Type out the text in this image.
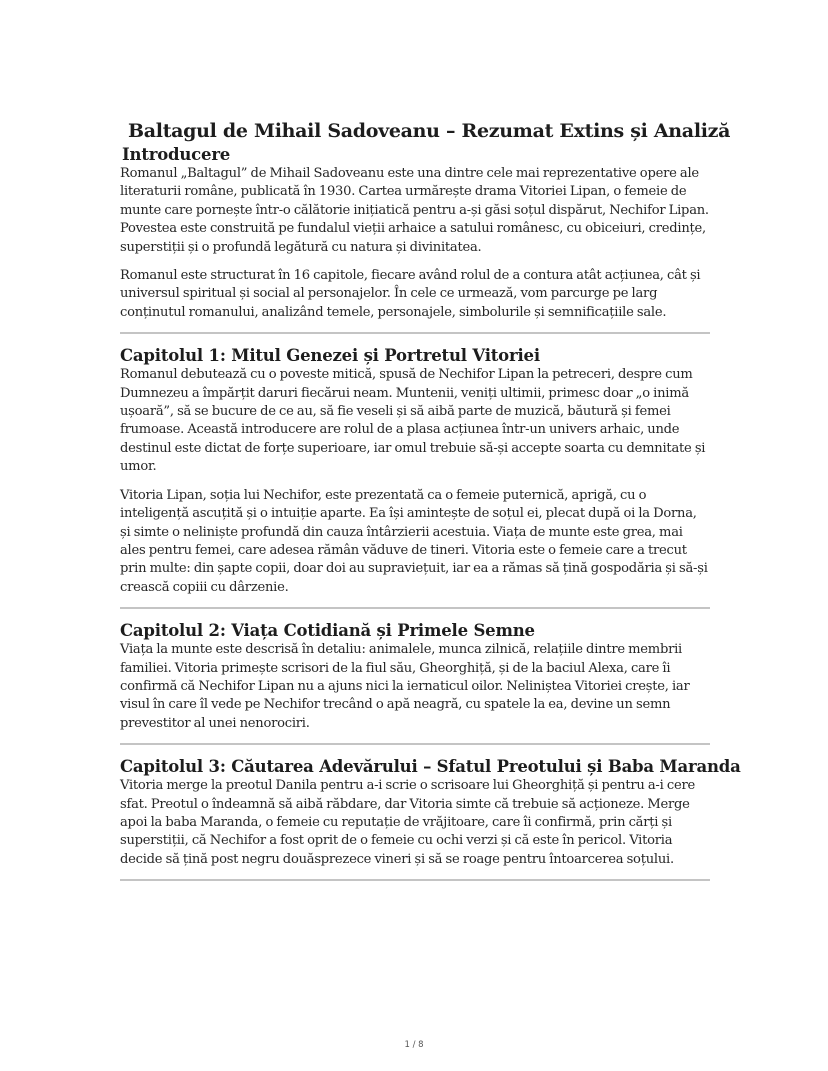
Baltagul de Mihail Sadoveanu – Rezumat Extins și Analiză
Introducere

Romanul „Baltagul” de Mihail Sadoveanu este una dintre cele mai reprezentative opere ale literaturii române, publicată în 1930. Cartea urmărește drama Vitoriei Lipan, o femeie de munte care pornește într-o călătorie inițiatică pentru a-și găsi soțul dispărut, Nechifor Lipan. Povestea este construită pe fundalul vieții arhaice a satului românesc, cu obiceiuri, credințe, superstiții și o profundă legătură cu natura și divinitatea.

Romanul este structurat în 16 capitole, fiecare având rolul de a contura atât acțiunea, cât și universul spiritual și social al personajelor. În cele ce urmează, vom parcurge pe larg conținutul romanului, analizând temele, personajele, simbolurile și semnificațiile sale.

Capitolul 1: Mitul Genezei și Portretul Vitoriei

Romanul debutează cu o poveste mitică, spusă de Nechifor Lipan la petreceri, despre cum Dumnezeu a împărțit daruri fiecărui neam. Muntenii, veniți ultimii, primesc doar „o inimă ușoară”, să se bucure de ce au, să fie veseli și să aibă parte de muzică, băutură și femei frumoase. Această introducere are rolul de a plasa acțiunea într-un univers arhaic, unde destinul este dictat de forțe superioare, iar omul trebuie să-și accepte soarta cu demnitate și umor.

Vitoria Lipan, soția lui Nechifor, este prezentată ca o femeie puternică, aprigă, cu o inteligență ascuțită și o intuiție aparte. Ea își amintește de soțul ei, plecat după oi la Dorna, și simte o neliniște profundă din cauza întârzierii acestuia. Viața de munte este grea, mai ales pentru femei, care adesea rămân văduve de tineri. Vitoria este o femeie care a trecut prin multe: din șapte copii, doar doi au supraviețuit, iar ea a rămas să țină gospodăria și să-și crească copiii cu dârzenie.

Capitolul 2: Viața Cotidiană și Primele Semne

Viața la munte este descrisă în detaliu: animalele, munca zilnică, relațiile dintre membrii familiei. Vitoria primește scrisori de la fiul său, Gheorghiță, și de la baciul Alexa, care îi confirmă că Nechifor Lipan nu a ajuns nici la iernaticul oilor. Neliniștea Vitoriei crește, iar visul în care îl vede pe Nechifor trecând o apă neagră, cu spatele la ea, devine un semn prevestitor al unei nenorociri.

Capitolul 3: Căutarea Adevărului – Sfatul Preotului și Baba Maranda

Vitoria merge la preotul Danila pentru a-i scrie o scrisoare lui Gheorghiță și pentru a-i cere sfat. Preotul o îndeamnă să aibă răbdare, dar Vitoria simte că trebuie să acționeze. Merge apoi la baba Maranda, o femeie cu reputație de vrăjitoare, care îi confirmă, prin cărți și superstiții, că Nechifor a fost oprit de o femeie cu ochi verzi și că este în pericol. Vitoria decide să țină post negru douăsprezece vineri și să se roage pentru întoarcerea soțului.

1 / 8
